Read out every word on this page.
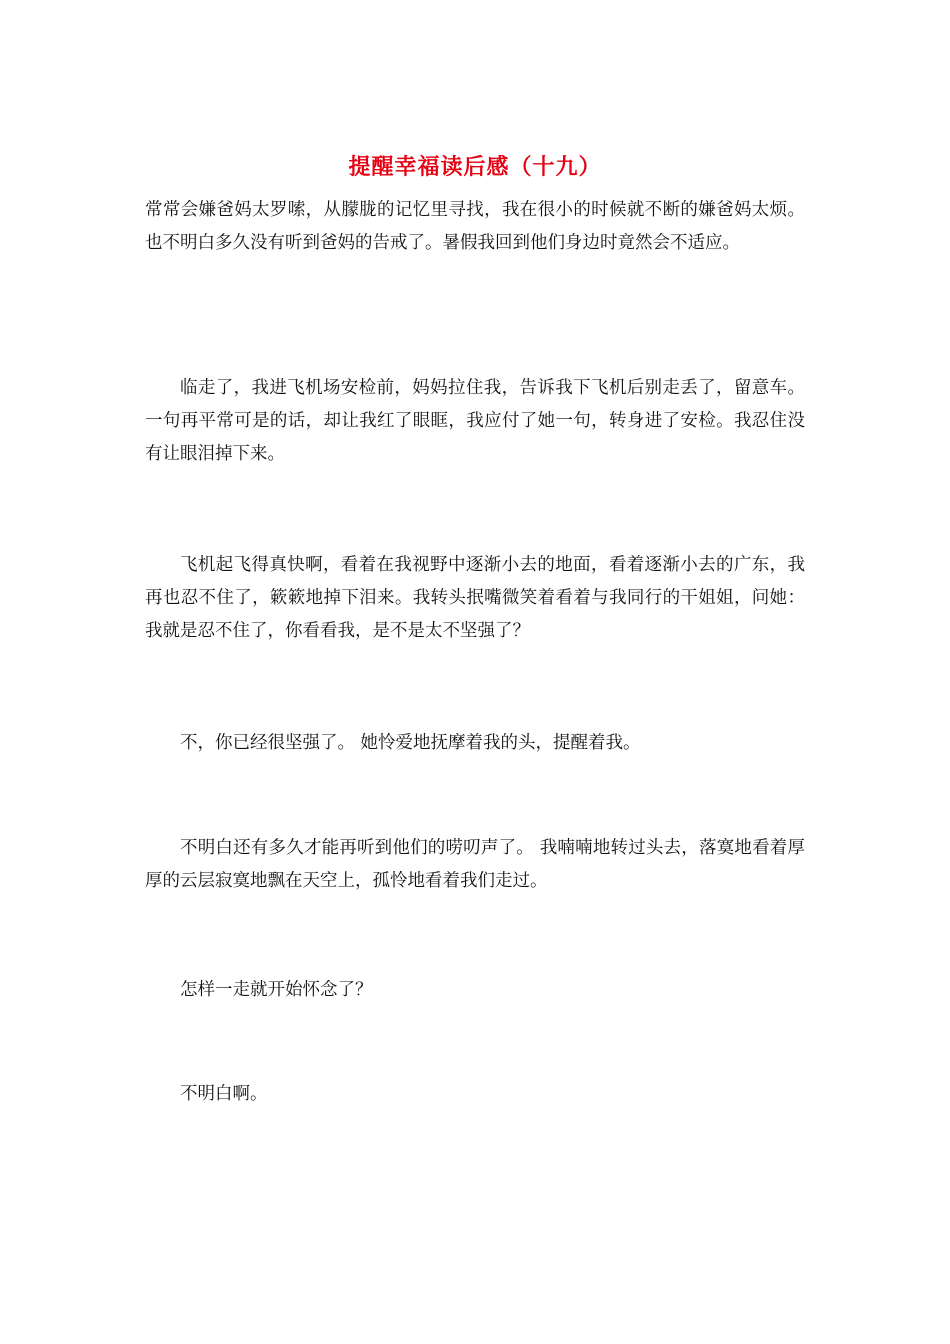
提醒幸福读后感（十九）

常常会嫌爸妈太罗嗦，从朦胧的记忆里寻找，我在很小的时候就不断的嫌爸妈太烦。也不明白多久没有听到爸妈的告戒了。暑假我回到他们身边时竟然会不适应。

临走了，我进飞机场安检前，妈妈拉住我，告诉我下飞机后别走丢了，留意车。一句再平常可是的话，却让我红了眼眶，我应付了她一句，转身进了安检。我忍住没有让眼泪掉下来。

飞机起飞得真快啊，看着在我视野中逐渐小去的地面，看着逐渐小去的广东，我再也忍不住了，簌簌地掉下泪来。我转头抿嘴微笑着看着与我同行的干姐姐，问她： 我就是忍不住了，你看看我，是不是太不坚强了？

不，你已经很坚强了。 她怜爱地抚摩着我的头，提醒着我。

不明白还有多久才能再听到他们的唠叨声了。 我喃喃地转过头去，落寞地看着厚厚的云层寂寞地飘在天空上，孤怜地看着我们走过。

怎样一走就开始怀念了？

不明白啊。
